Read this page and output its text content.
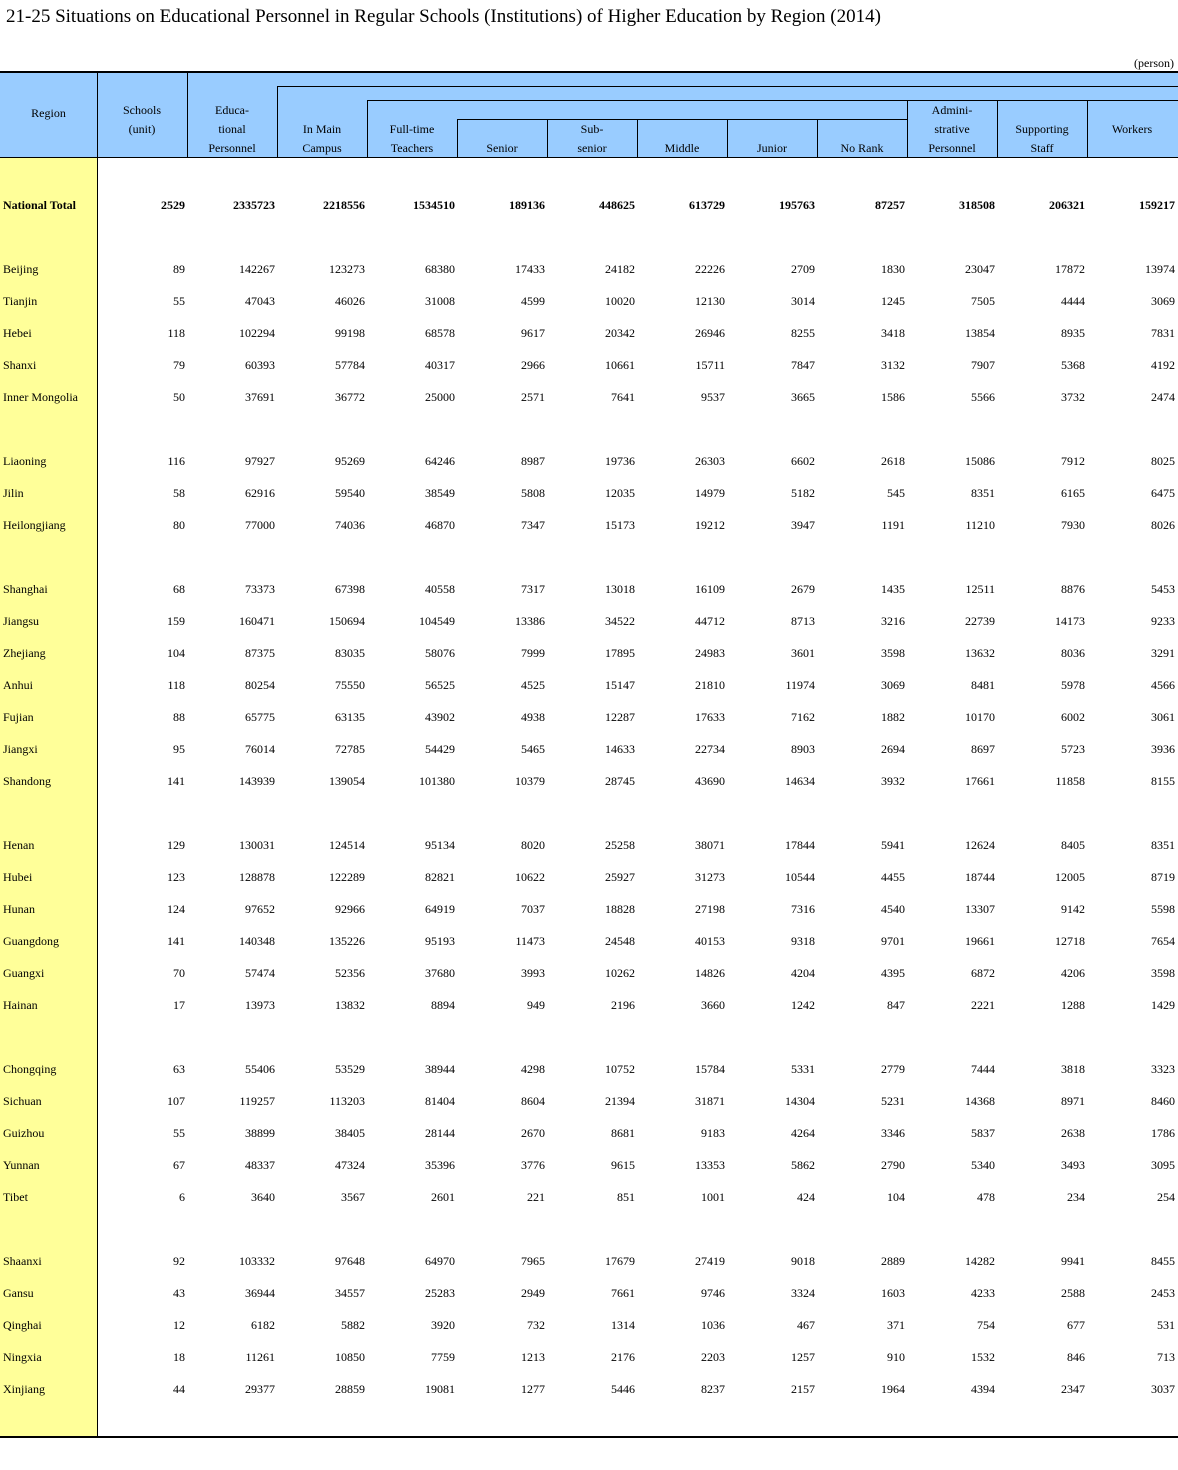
21-25 Situations on Educational Personnel in Regular Schools (Institutions) of Higher Education by Region (2014)
(person)
Region	Schools
(unit)
Educa-
tional
Personnel
In Main
Campus
Full-time
Teachers	Senior
Sub-
senior	Middle	Junior	No Rank
Admini-
strative
Personnel
Supporting
Staff
Workers
National Total	2529	2335723	2218556	1534510	189136	448625	613729	195763	87257	318508	206321	159217
Beijing	89	142267	123273	68380	17433	24182	22226	2709	1830	23047	17872	13974
Tianjin	55	47043	46026	31008	4599	10020	12130	3014	1245	7505	4444	3069
Hebei	118	102294	99198	68578	9617	20342	26946	8255	3418	13854	8935	7831
Shanxi	79	60393	57784	40317	2966	10661	15711	7847	3132	7907	5368	4192
Inner Mongolia	50	37691	36772	25000	2571	7641	9537	3665	1586	5566	3732	2474
Liaoning	116	97927	95269	64246	8987	19736	26303	6602	2618	15086	7912	8025
Jilin	58	62916	59540	38549	5808	12035	14979	5182	545	8351	6165	6475
Heilongjiang	80	77000	74036	46870	7347	15173	19212	3947	1191	11210	7930	8026
Shanghai	68	73373	67398	40558	7317	13018	16109	2679	1435	12511	8876	5453
Jiangsu	159	160471	150694	104549	13386	34522	44712	8713	3216	22739	14173	9233
Zhejiang	104	87375	83035	58076	7999	17895	24983	3601	3598	13632	8036	3291
Anhui	118	80254	75550	56525	4525	15147	21810	11974	3069	8481	5978	4566
Fujian	88	65775	63135	43902	4938	12287	17633	7162	1882	10170	6002	3061
Jiangxi	95	76014	72785	54429	5465	14633	22734	8903	2694	8697	5723	3936
Shandong	141	143939	139054	101380	10379	28745	43690	14634	3932	17661	11858	8155
Henan	129	130031	124514	95134	8020	25258	38071	17844	5941	12624	8405	8351
Hubei	123	128878	122289	82821	10622	25927	31273	10544	4455	18744	12005	8719
Hunan	124	97652	92966	64919	7037	18828	27198	7316	4540	13307	9142	5598
Guangdong	141	140348	135226	95193	11473	24548	40153	9318	9701	19661	12718	7654
Guangxi	70	57474	52356	37680	3993	10262	14826	4204	4395	6872	4206	3598
Hainan	17	13973	13832	8894	949	2196	3660	1242	847	2221	1288	1429
Chongqing	63	55406	53529	38944	4298	10752	15784	5331	2779	7444	3818	3323
Sichuan	107	119257	113203	81404	8604	21394	31871	14304	5231	14368	8971	8460
Guizhou	55	38899	38405	28144	2670	8681	9183	4264	3346	5837	2638	1786
Yunnan	67	48337	47324	35396	3776	9615	13353	5862	2790	5340	3493	3095
Tibet	6	3640	3567	2601	221	851	1001	424	104	478	234	254
Shaanxi	92	103332	97648	64970	7965	17679	27419	9018	2889	14282	9941	8455
Gansu	43	36944	34557	25283	2949	7661	9746	3324	1603	4233	2588	2453
Qinghai	12	6182	5882	3920	732	1314	1036	467	371	754	677	531
Ningxia	18	11261	10850	7759	1213	2176	2203	1257	910	1532	846	713
Xinjiang	44	29377	28859	19081	1277	5446	8237	2157	1964	4394	2347	3037
